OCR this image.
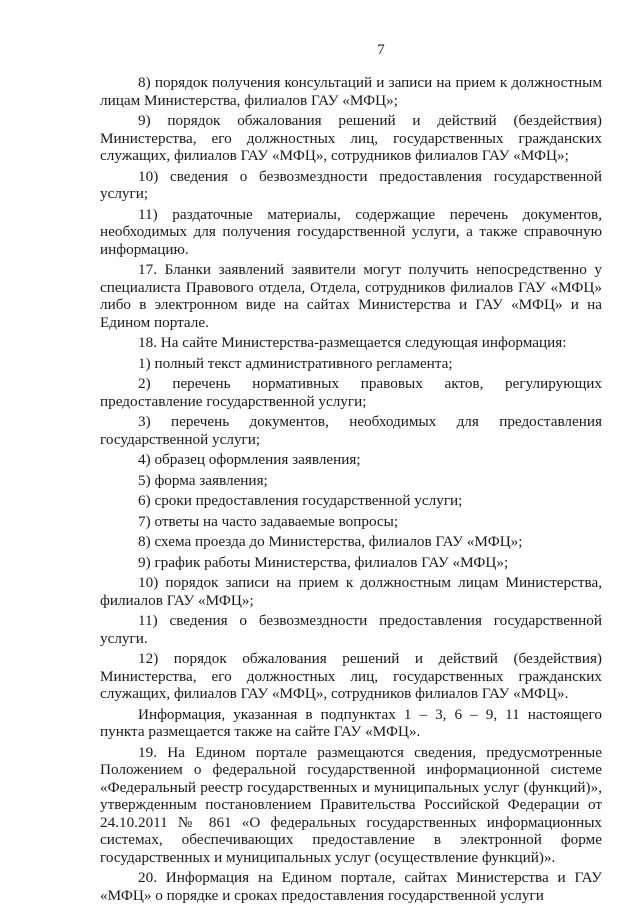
7

8) порядок получения консультаций и записи на прием к должностным лицам Министерства, филиалов ГАУ «МФЦ»;

9) порядок обжалования решений и действий (бездействия) Министерства, его должностных лиц, государственных гражданских служащих, филиалов ГАУ «МФЦ», сотрудников филиалов ГАУ «МФЦ»;

10) сведения о безвозмездности предоставления государственной услуги;

11) раздаточные материалы, содержащие перечень документов, необходимых для получения государственной услуги, а также справочную информацию.

17. Бланки заявлений заявители могут получить непосредственно у специалиста Правового отдела, Отдела, сотрудников филиалов ГАУ «МФЦ» либо в электронном виде на сайтах Министерства и ГАУ «МФЦ» и на Едином портале.

18. На сайте Министерства-размещается следующая информация:

1) полный текст административного регламента;

2) перечень нормативных правовых актов, регулирующих предоставление государственной услуги;

3) перечень документов, необходимых для предоставления государственной услуги;

4) образец оформления заявления;

5) форма заявления;

6) сроки предоставления государственной услуги;

7) ответы на часто задаваемые вопросы;

8) схема проезда до Министерства, филиалов ГАУ «МФЦ»;

9) график работы Министерства, филиалов ГАУ «МФЦ»;

10) порядок записи на прием к должностным лицам Министерства, филиалов ГАУ «МФЦ»;

11) сведения о безвозмездности предоставления государственной услуги.

12) порядок обжалования решений и действий (бездействия) Министерства, его должностных лиц, государственных гражданских служащих, филиалов ГАУ «МФЦ», сотрудников филиалов ГАУ «МФЦ».

Информация, указанная в подпунктах 1 – 3, 6 – 9, 11 настоящего пункта размещается также на сайте ГАУ «МФЦ».

19. На Едином портале размещаются сведения, предусмотренные Положением о федеральной государственной информационной системе «Федеральный реестр государственных и муниципальных услуг (функций)», утвержденным постановлением Правительства Российской Федерации от 24.10.2011 № 861 «О федеральных государственных информационных системах, обеспечивающих предоставление в электронной форме государственных и муниципальных услуг (осуществление функций)».

20. Информация на Едином портале, сайтах Министерства и ГАУ «МФЦ» о порядке и сроках предоставления государственной услуги
